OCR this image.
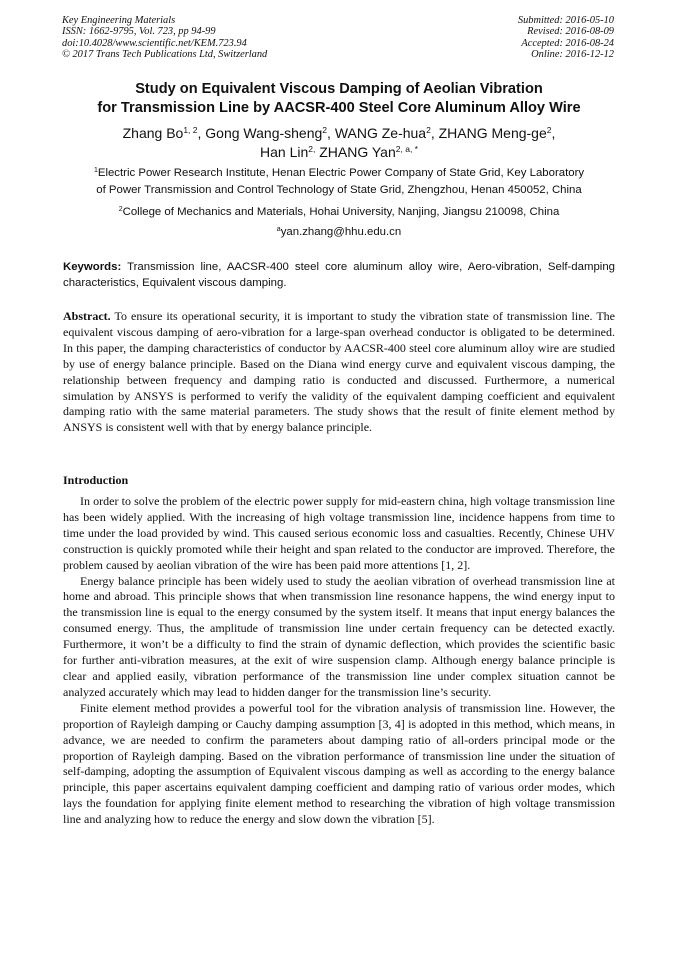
Key Engineering Materials
ISSN: 1662-9795, Vol. 723, pp 94-99
doi:10.4028/www.scientific.net/KEM.723.94
© 2017 Trans Tech Publications Ltd, Switzerland
Submitted: 2016-05-10
Revised: 2016-08-09
Accepted: 2016-08-24
Online: 2016-12-12
Study on Equivalent Viscous Damping of Aeolian Vibration
for Transmission Line by AACSR-400 Steel Core Aluminum Alloy Wire
Zhang Bo$^{1, 2}$, Gong Wang-sheng$^2$, WANG Ze-hua$^2$, ZHANG Meng-$ge^2$,
Han Lin$^{2,}$ ZHANG Yan$^{2, a, *}$
$^1$Electric Power Research Institute, Henan Electric Power Company of State Grid, Key Laboratory
of Power Transmission and Control Technology of State Grid, Zhengzhou, Henan 450052, China
$^2$College of Mechanics and Materials, Hohai University, Nanjing, Jiangsu 210098, China
$^a$yan.zhang@hhu.edu.cn
Keywords: Transmission line, AACSR-400 steel core aluminum alloy wire, Aero-vibration, Self-damping characteristics, Equivalent viscous damping.
Abstract. To ensure its operational security, it is important to study the vibration state of transmission line. The equivalent viscous damping of aero-vibration for a large-span overhead conductor is obligated to be determined. In this paper, the damping characteristics of conductor by AACSR-400 steel core aluminum alloy wire are studied by use of energy balance principle. Based on the Diana wind energy curve and equivalent viscous damping, the relationship between frequency and damping ratio is conducted and discussed. Furthermore, a numerical simulation by ANSYS is performed to verify the validity of the equivalent damping coefficient and equivalent damping ratio with the same material parameters. The study shows that the result of finite element method by ANSYS is consistent well with that by energy balance principle.
Introduction

In order to solve the problem of the electric power supply for mid-eastern china, high voltage transmission line has been widely applied. With the increasing of high voltage transmission line, incidence happens from time to time under the load provided by wind. This caused serious economic loss and casualties. Recently, Chinese UHV construction is quickly promoted while their height and span related to the conductor are improved. Therefore, the problem caused by aeolian vibration of the wire has been paid more attentions [1, 2].

Energy balance principle has been widely used to study the aeolian vibration of overhead transmission line at home and abroad. This principle shows that when transmission line resonance happens, the wind energy input to the transmission line is equal to the energy consumed by the system itself. It means that input energy balances the consumed energy. Thus, the amplitude of transmission line under certain frequency can be detected exactly. Furthermore, it won’t be a difficulty to find the strain of dynamic deflection, which provides the scientific basic for further anti-vibration measures, at the exit of wire suspension clamp. Although energy balance principle is clear and applied easily, vibration performance of the transmission line under complex situation cannot be analyzed accurately which may lead to hidden danger for the transmission line’s security.

Finite element method provides a powerful tool for the vibration analysis of transmission line. However, the proportion of Rayleigh damping or Cauchy damping assumption [3, 4] is adopted in this method, which means, in advance, we are needed to confirm the parameters about damping ratio of all-orders principal mode or the proportion of Rayleigh damping. Based on the vibration performance of transmission line under the situation of self-damping, adopting the assumption of Equivalent viscous damping as well as according to the energy balance principle, this paper ascertains equivalent damping coefficient and damping ratio of various order modes, which lays the foundation for applying finite element method to researching the vibration of high voltage transmission line and analyzing how to reduce the energy and slow down the vibration [5].
